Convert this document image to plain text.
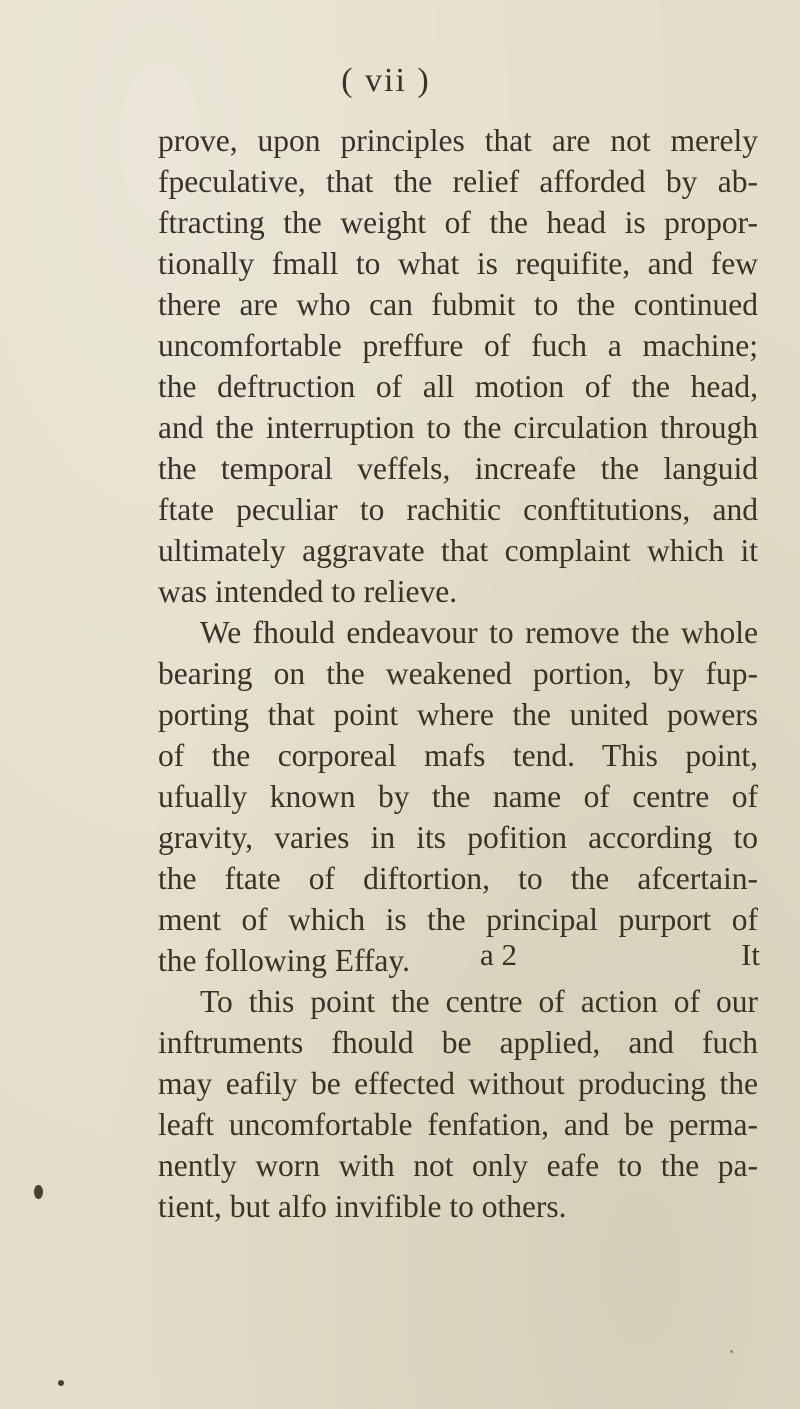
( vii )
prove, upon principles that are not merely
fpeculative, that the relief afforded by ab-
ftracting the weight of the head is propor-
tionally fmall to what is requifite, and few
there are who can fubmit to the continued
uncomfortable preffure of fuch a machine;
the deftruction of all motion of the head,
and the interruption to the circulation through
the temporal veffels, increafe the languid
ftate peculiar to rachitic conftitutions, and
ultimately aggravate that complaint which it
was intended to relieve.
We fhould endeavour to remove the whole
bearing on the weakened portion, by fup-
porting that point where the united powers
of the corporeal mafs tend. This point,
ufually known by the name of centre of
gravity, varies in its pofition according to
the ftate of diftortion, to the afcertain-
ment of which is the principal purport of
the following Effay.
To this point the centre of action of our
inftruments fhould be applied, and fuch
may eafily be effected without producing the
leaft uncomfortable fenfation, and be perma-
nently worn with not only eafe to the pa-
tient, but alfo invifible to others.
a 2	It
